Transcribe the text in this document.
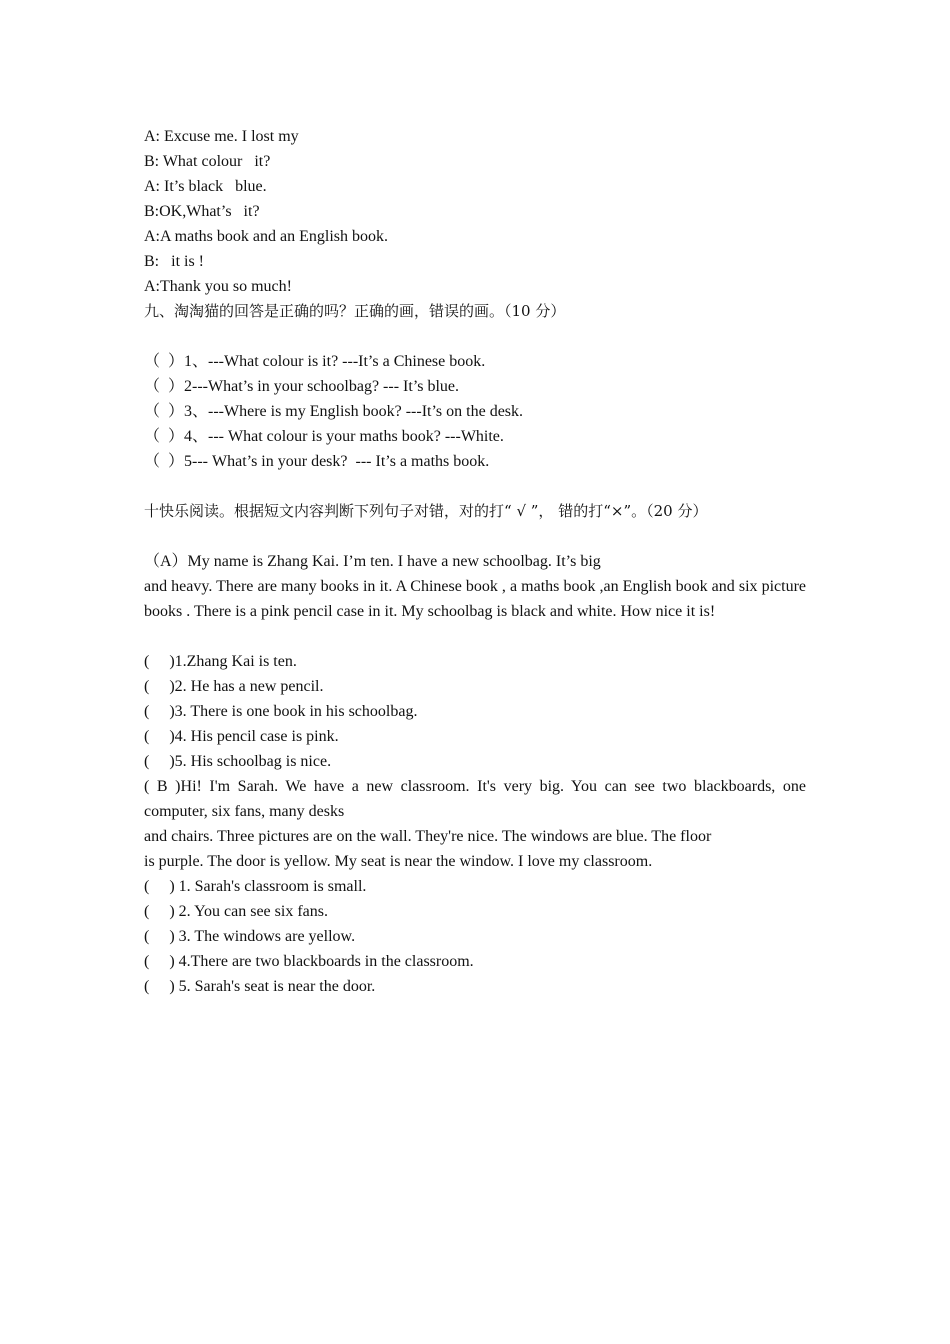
A: Excuse me. I lost my
B: What colour   it?
A: It’s black   blue.
B:OK,What’s   it?
A:A maths book and an English book.
B:   it is !
A:Thank you so much!
九、淘淘猫的回答是正确的吗？正确的画，错误的画。（10 分）
（  ）1、---What colour is it? ---It’s a Chinese book.
（  ）2---What’s in your schoolbag? --- It’s blue.
（  ）3、---Where is my English book? ---It’s on the desk.
（  ）4、--- What colour is your maths book? ---White.
（  ）5--- What’s in your desk?  --- It’s a maths book.
十快乐阅读。根据短文内容判断下列句子对错，对的打“ √ ”， 错的打“×”。（20 分）
（A）My name is Zhang Kai. I’m ten. I have a new schoolbag. It’s big
and heavy. There are many books in it. A Chinese book , a maths book ,an English book and six picture books . There is a pink pencil case in it. My schoolbag is black and white. How nice it is!
(     )1.Zhang Kai is ten.
(     )2. He has a new pencil.
(     )3. There is one book in his schoolbag.
(     )4. His pencil case is pink.
(     )5. His schoolbag is nice.
( B )Hi! I'm Sarah. We have a new classroom. It's very big. You can see two blackboards, one computer, six fans, many desks
and chairs. Three pictures are on the wall. They're nice. The windows are blue. The floor
is purple. The door is yellow. My seat is near the window. I love my classroom.
(     ) 1. Sarah's classroom is small.
(     ) 2. You can see six fans.
(     ) 3. The windows are yellow.
(     ) 4.There are two blackboards in the classroom.
(     ) 5. Sarah's seat is near the door.
